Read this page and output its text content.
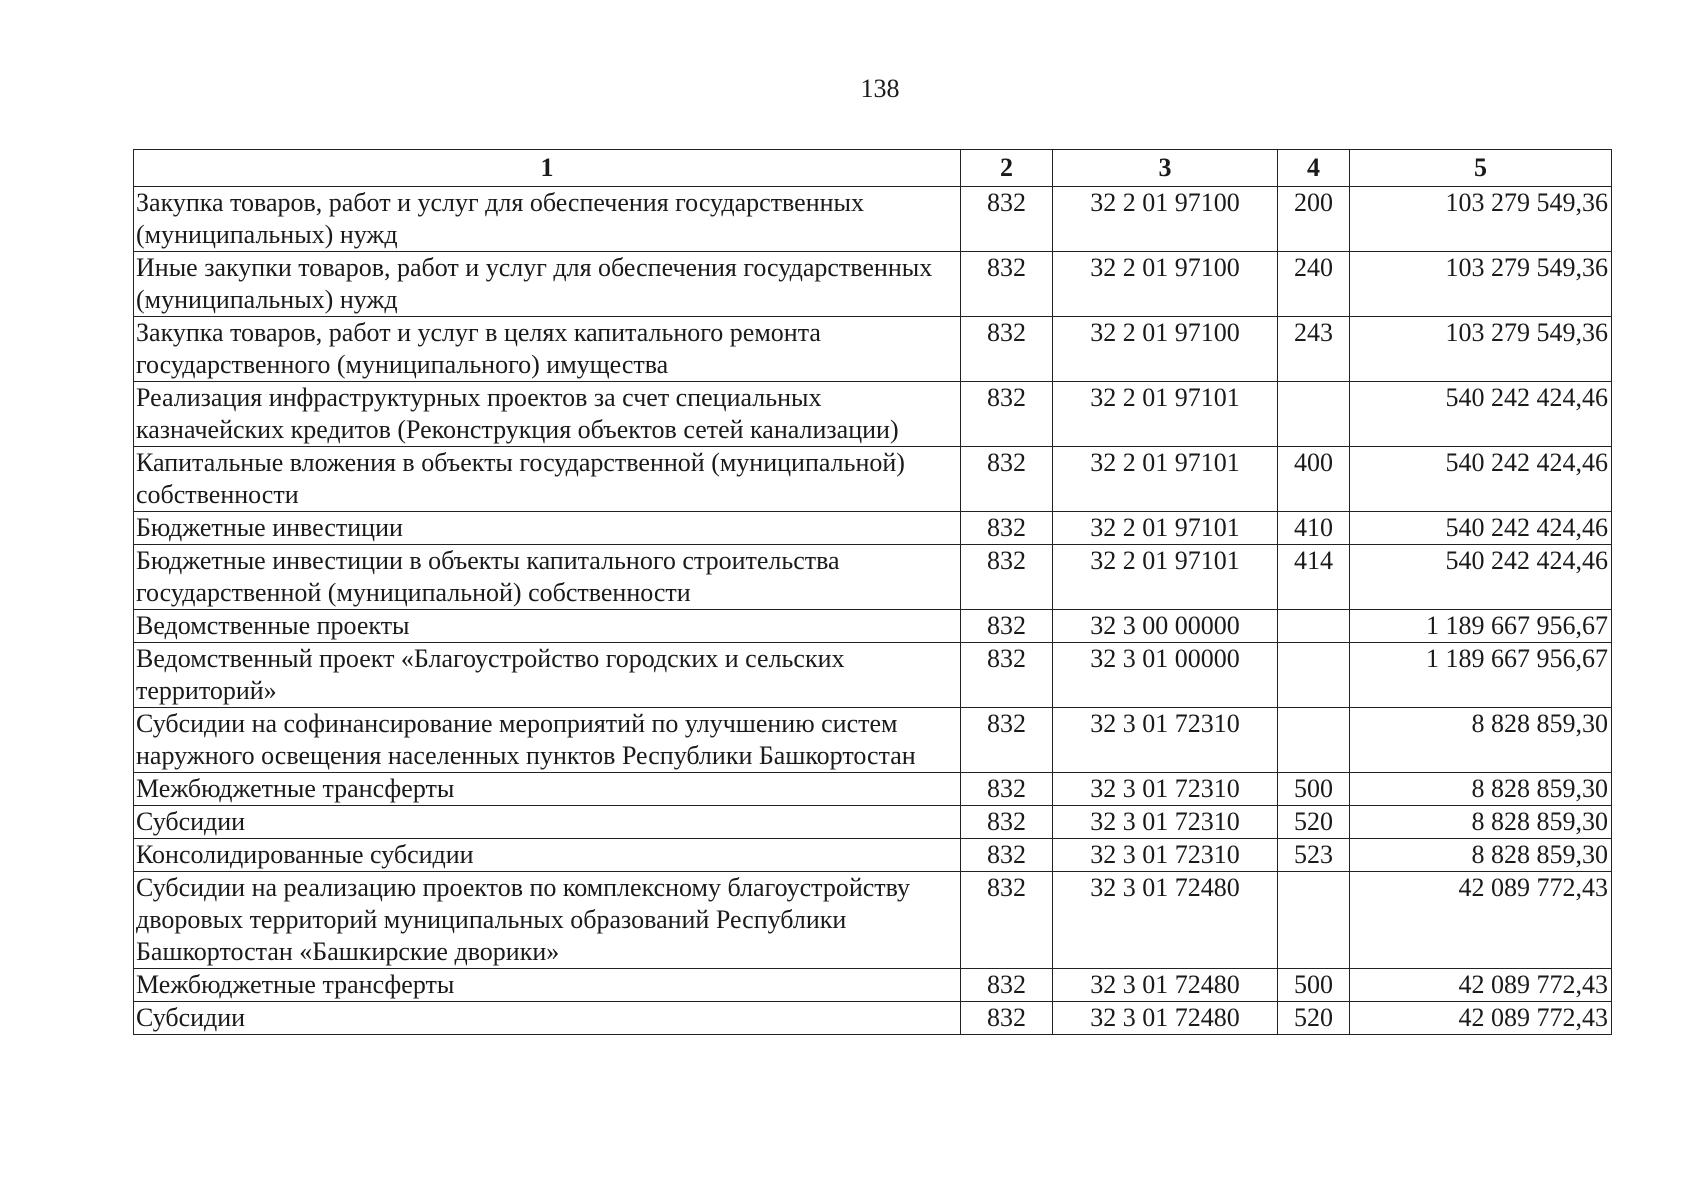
138
1	2	3	4	5
Закупка товаров, работ и услуг для обеспечения государственных (муниципальных) нужд	832	32 2 01 97100	200	103 279 549,36
Иные закупки товаров, работ и услуг для обеспечения государственных (муниципальных) нужд	832	32 2 01 97100	240	103 279 549,36
Закупка товаров, работ и услуг в целях капитального ремонта государственного (муниципального) имущества	832	32 2 01 97100	243	103 279 549,36
Реализация инфраструктурных проектов за счет специальных казначейских кредитов (Реконструкция объектов сетей канализации)	832	32 2 01 97101		540 242 424,46
Капитальные вложения в объекты государственной (муниципальной) собственности	832	32 2 01 97101	400	540 242 424,46
Бюджетные инвестиции	832	32 2 01 97101	410	540 242 424,46
Бюджетные инвестиции в объекты капитального строительства государственной (муниципальной) собственности	832	32 2 01 97101	414	540 242 424,46
Ведомственные проекты	832	32 3 00 00000		1 189 667 956,67
Ведомственный проект «Благоустройство городских и сельских территорий»	832	32 3 01 00000		1 189 667 956,67
Субсидии на софинансирование мероприятий по улучшению систем наружного освещения населенных пунктов Республики Башкортостан	832	32 3 01 72310		8 828 859,30
Межбюджетные трансферты	832	32 3 01 72310	500	8 828 859,30
Субсидии	832	32 3 01 72310	520	8 828 859,30
Консолидированные субсидии	832	32 3 01 72310	523	8 828 859,30
Субсидии на реализацию проектов по комплексному благоустройству дворовых территорий муниципальных образований Республики Башкортостан «Башкирские дворики»	832	32 3 01 72480		42 089 772,43
Межбюджетные трансферты	832	32 3 01 72480	500	42 089 772,43
Субсидии	832	32 3 01 72480	520	42 089 772,43
